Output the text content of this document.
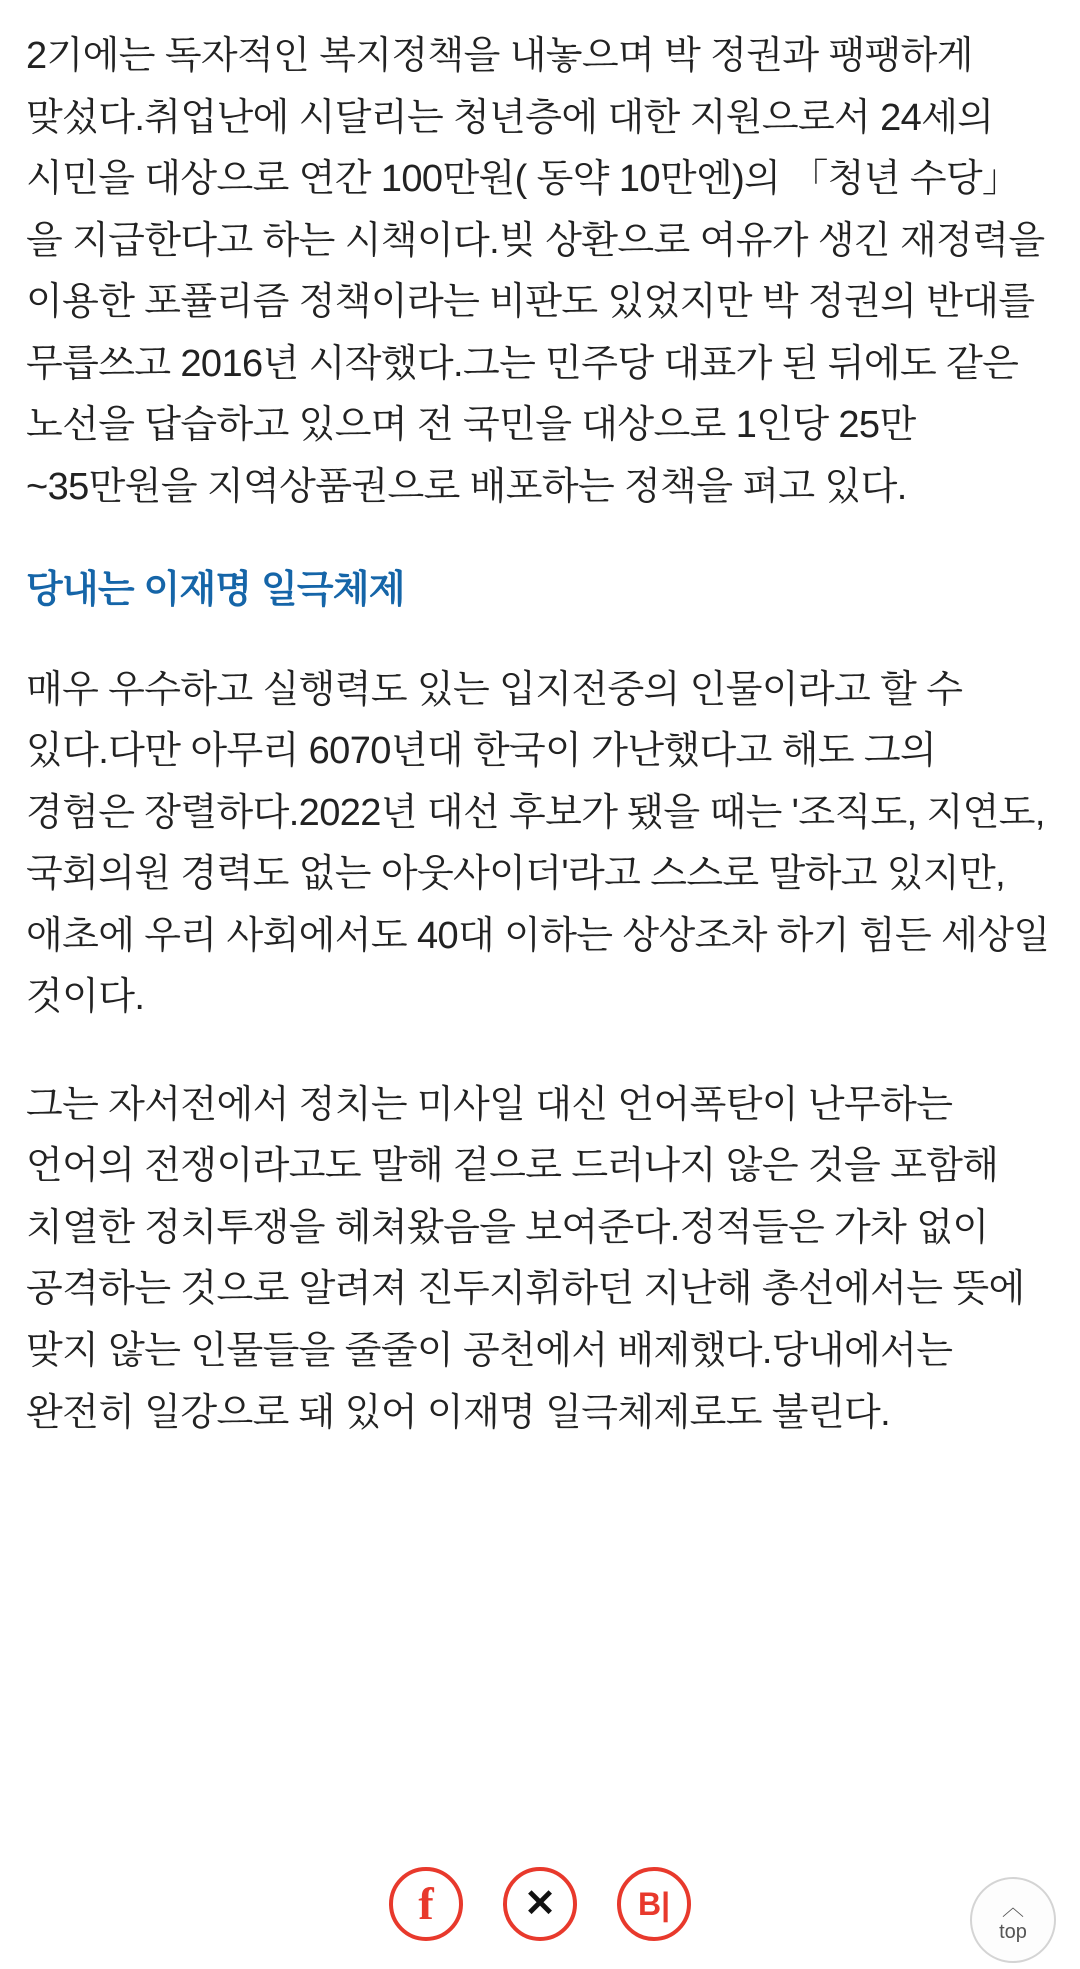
2기에는 독자적인 복지정책을 내놓으며 박 정권과 팽팽하게 맞섰다.취업난에 시달리는 청년층에 대한 지원으로서 24세의 시민을 대상으로 연간 100만원( 동약 10만엔)의 「청년 수당」을 지급한다고 하는 시책이다.빚 상환으로 여유가 생긴 재정력을 이용한 포퓰리즘 정책이라는 비판도 있었지만 박 정권의 반대를 무릅쓰고 2016년 시작했다.그는 민주당 대표가 된 뒤에도 같은 노선을 답습하고 있으며 전 국민을 대상으로 1인당 25만~35만원을 지역상품권으로 배포하는 정책을 펴고 있다.

당내는 이재명 일극체제

매우 우수하고 실행력도 있는 입지전중의 인물이라고 할 수 있다.다만 아무리 6070년대 한국이 가난했다고 해도 그의 경험은 장렬하다.2022년 대선 후보가 됐을 때는 '조직도, 지연도, 국회의원 경력도 없는 아웃사이더'라고 스스로 말하고 있지만, 애초에 우리 사회에서도 40대 이하는 상상조차 하기 힘든 세상일 것이다.

그는 자서전에서 정치는 미사일 대신 언어폭탄이 난무하는 언어의 전쟁이라고도 말해 겉으로 드러나지 않은 것을 포함해 치열한 정치투쟁을 헤쳐왔음을 보여준다.정적들은 가차 없이 공격하는 것으로 알려져 진두지휘하던 지난해 총선에서는 뜻에 맞지 않는 인물들을 줄줄이 공천에서 배제했다.당내에서는 완전히 일강으로 돼 있어 이재명 일극체제로도 불린다.

f	✕	B|	︿
top
